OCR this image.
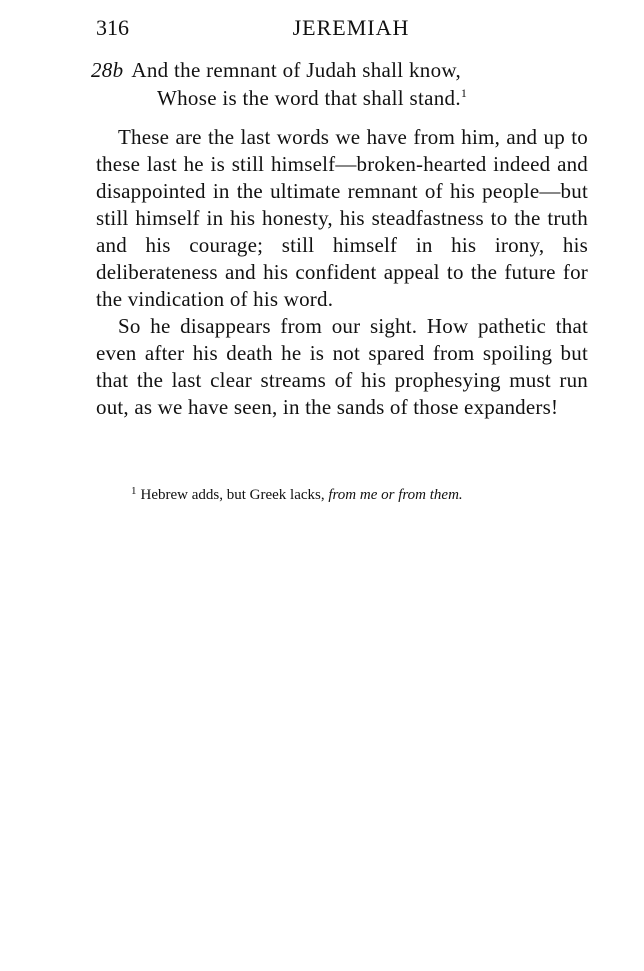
316	JEREMIAH
28b And the remnant of Judah shall know,
Whose is the word that shall stand.$^1$

These are the last words we have from him, and up to these last he is still himself—broken-hearted indeed and disappointed in the ultimate remnant of his people—but still himself in his honesty, his steadfastness to the truth and his courage; still himself in his irony, his deliberateness and his confident appeal to the future for the vindication of his word.

So he disappears from our sight. How pathetic that even after his death he is not spared from spoiling but that the last clear streams of his prophesying must run out, as we have seen, in the sands of those expanders!

$^1$ Hebrew adds, but Greek lacks, from me or from them.
